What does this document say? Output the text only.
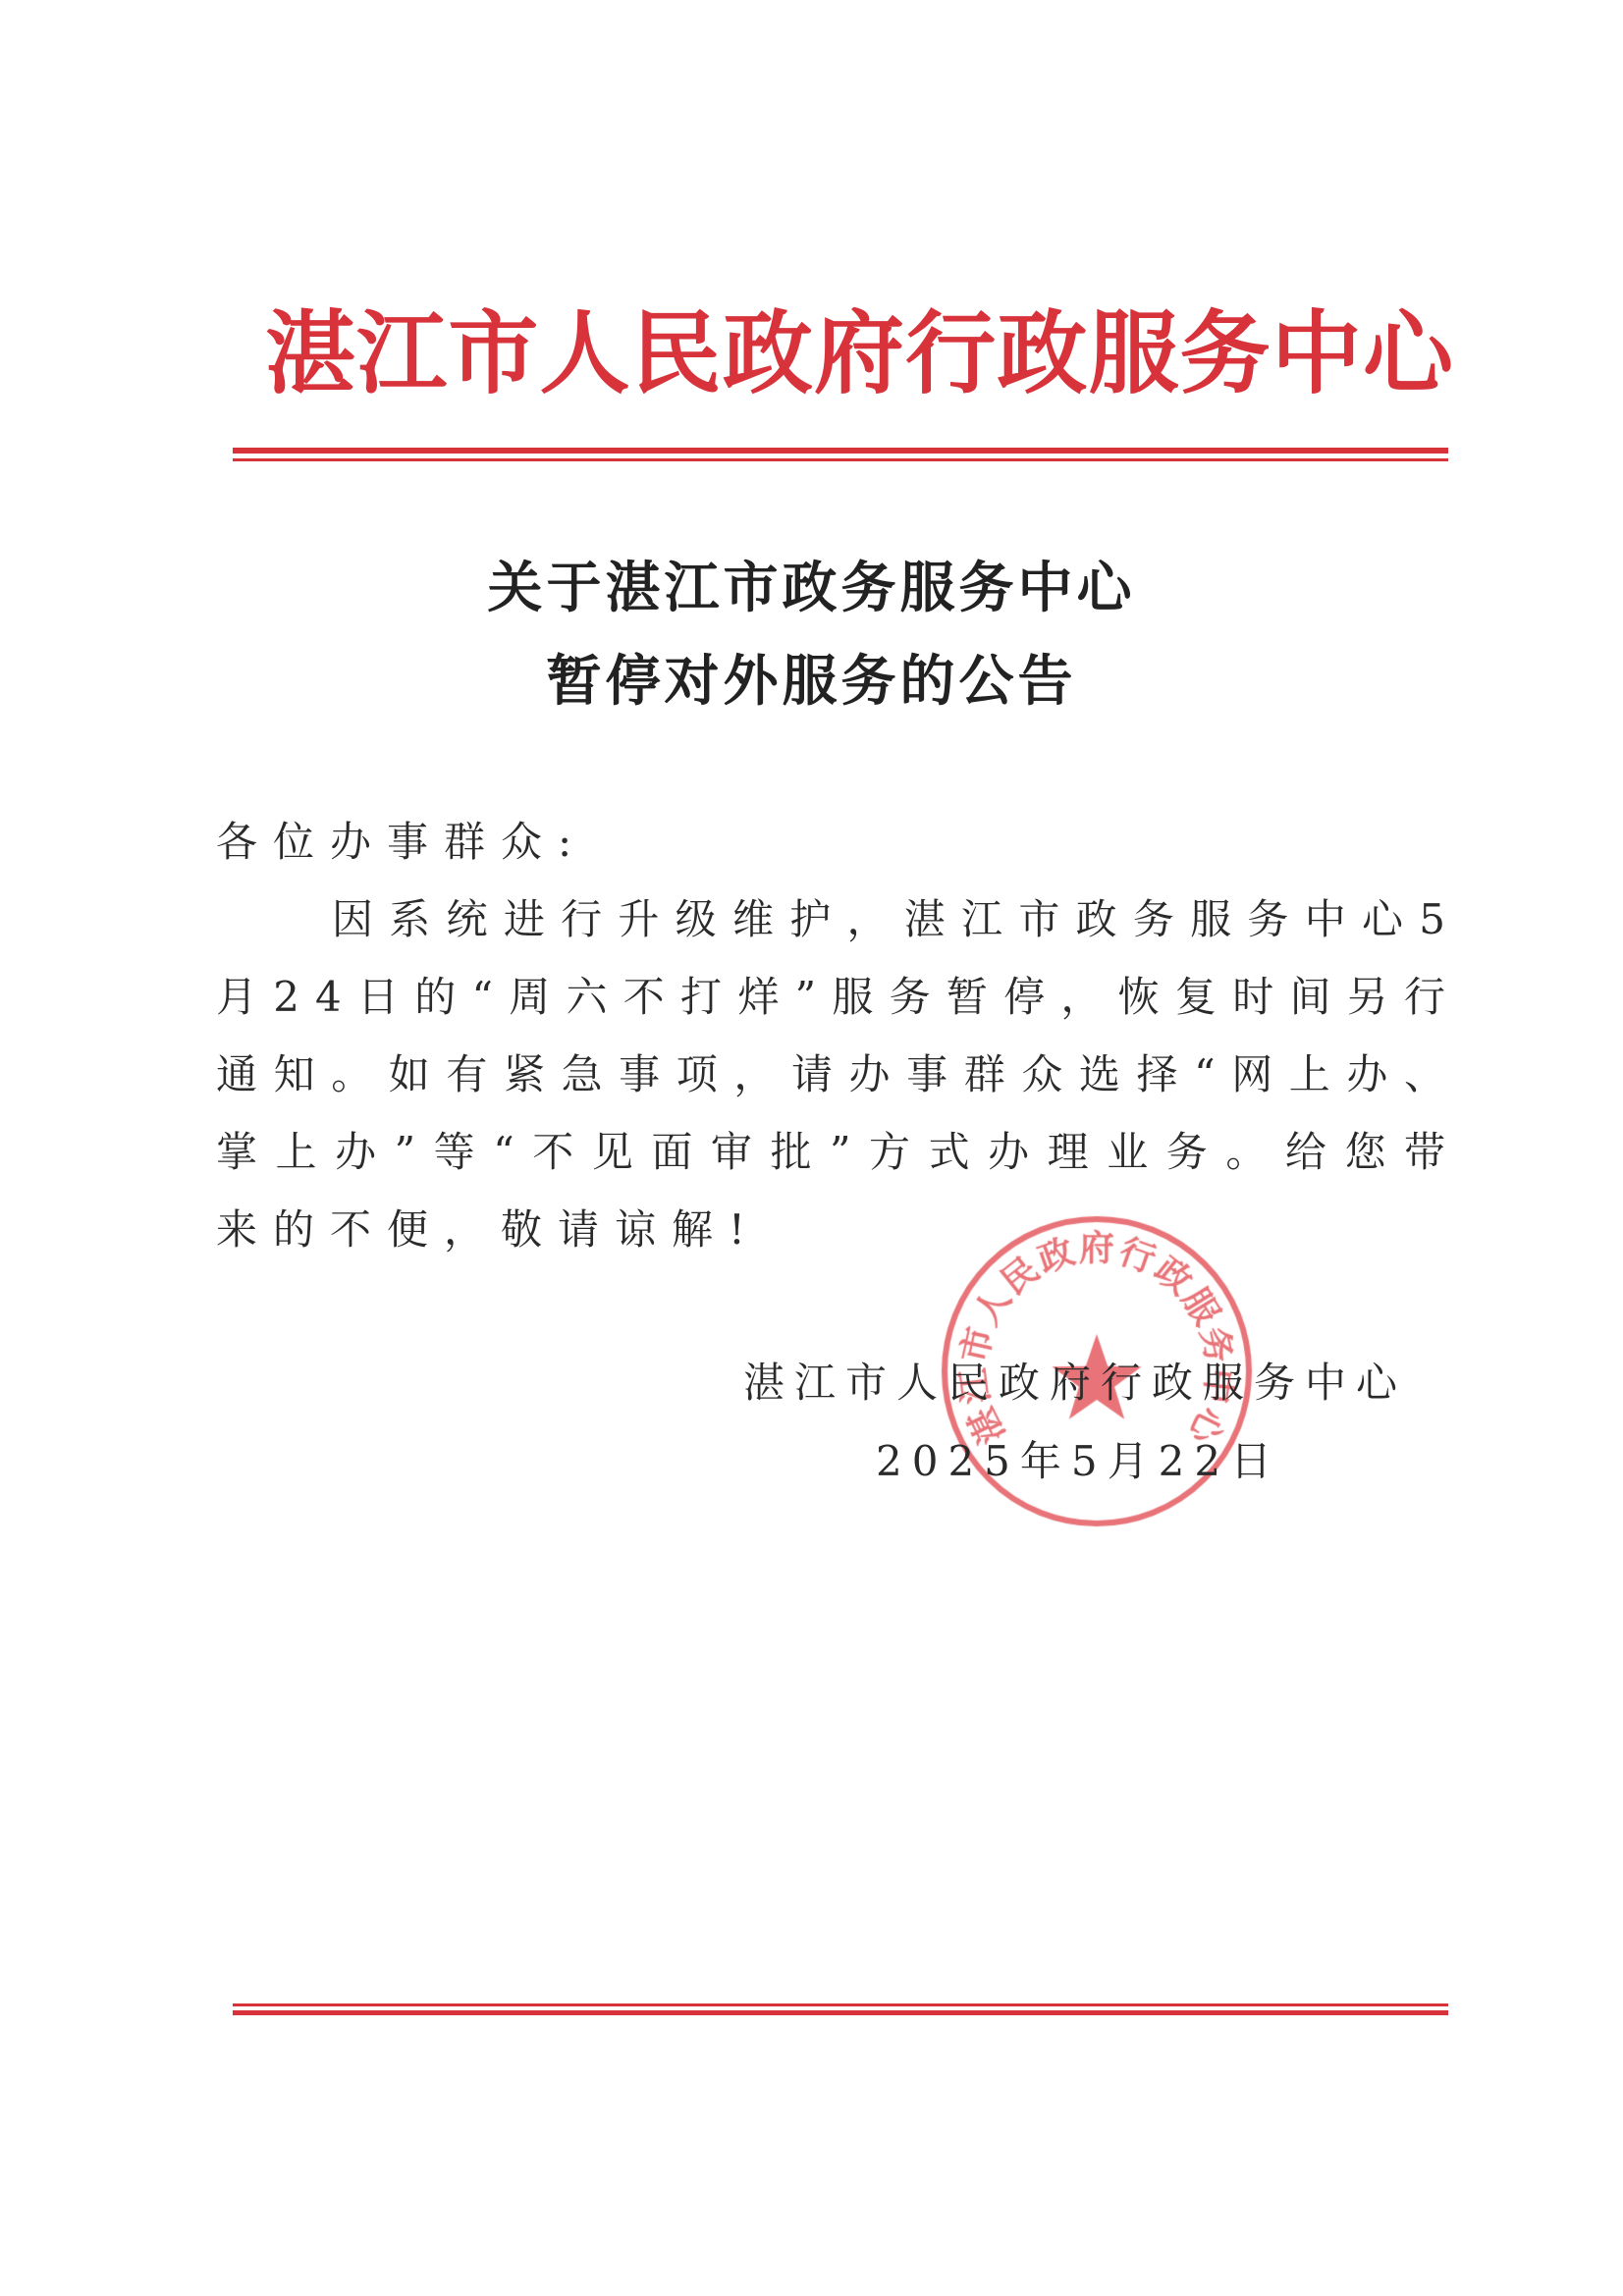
湛江市人民政府行政服务中心
关于湛江市政务服务中心
暂停对外服务的公告

各位办事群众:

因系统进行升级维护，湛江市政务服务中心5月24日的“周六不打烊”服务暂停，恢复时间另行通知。如有紧急事项，请办事群众选择“网上办、掌上办”等“不见面审批”方式办理业务。给您带来的不便，敬请谅解!

湛江市人民政府行政服务中心
2025年5月22日
